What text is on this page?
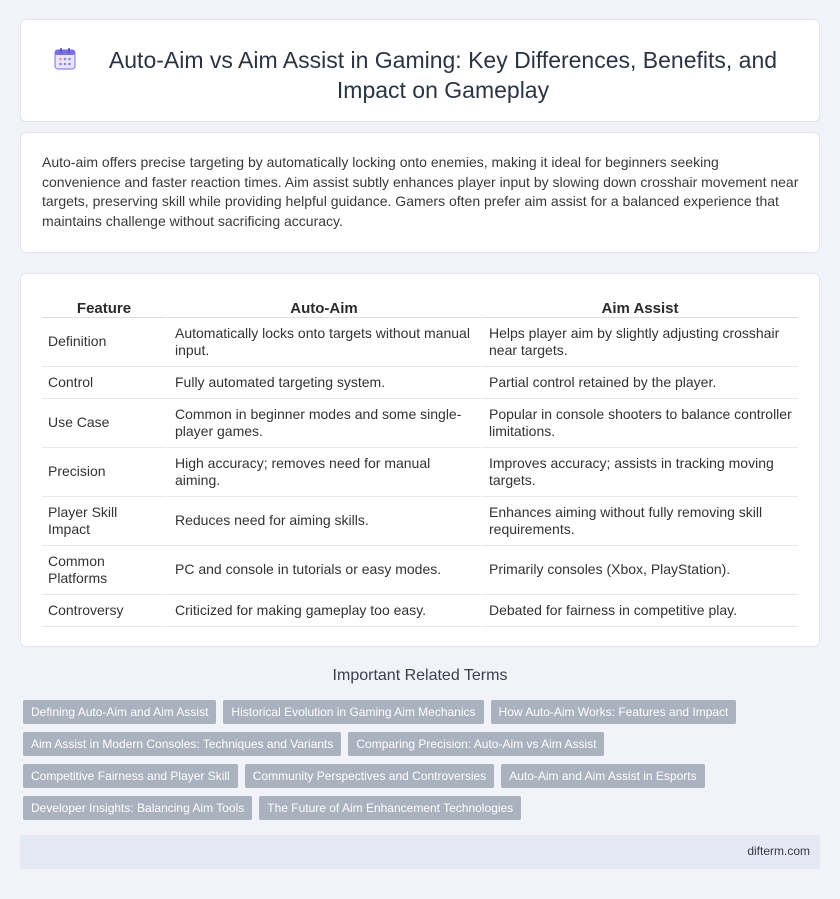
Auto-Aim vs Aim Assist in Gaming: Key Differences, Benefits, and Impact on Gameplay

Auto-aim offers precise targeting by automatically locking onto enemies, making it ideal for beginners seeking convenience and faster reaction times. Aim assist subtly enhances player input by slowing down crosshair movement near targets, preserving skill while providing helpful guidance. Gamers often prefer aim assist for a balanced experience that maintains challenge without sacrificing accuracy.

Feature	Auto-Aim	Aim Assist
Definition	Automatically locks onto targets without manual input.	Helps player aim by slightly adjusting crosshair near targets.
Control	Fully automated targeting system.	Partial control retained by the player.
Use Case	Common in beginner modes and some single-player games.	Popular in console shooters to balance controller limitations.
Precision	High accuracy; removes need for manual aiming.	Improves accuracy; assists in tracking moving targets.
Player Skill Impact	Reduces need for aiming skills.	Enhances aiming without fully removing skill requirements.
Common Platforms	PC and console in tutorials or easy modes.	Primarily consoles (Xbox, PlayStation).
Controversy	Criticized for making gameplay too easy.	Debated for fairness in competitive play.
Important Related Terms
Defining Auto-Aim and Aim Assist	Historical Evolution in Gaming Aim Mechanics	How Auto-Aim Works: Features and Impact
Aim Assist in Modern Consoles: Techniques and Variants	Comparing Precision: Auto-Aim vs Aim Assist
Competitive Fairness and Player Skill	Community Perspectives and Controversies	Auto-Aim and Aim Assist in Esports
Developer Insights: Balancing Aim Tools	The Future of Aim Enhancement Technologies
difterm.com
